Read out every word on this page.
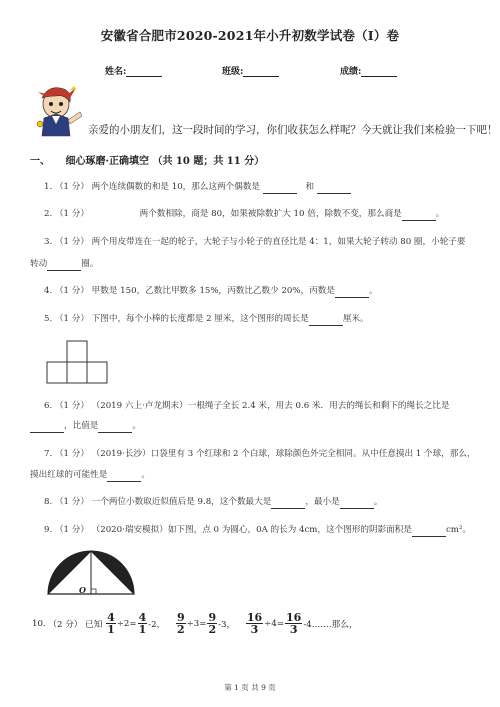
安徽省合肥市2020-2021年小升初数学试卷（I）卷
姓名:	班级:	成绩:
亲爱的小朋友们，这一段时间的学习，你们收获怎么样呢？今天就让我们来检验一下吧！
一、 细心琢磨·正确填空 （共 10 题；共 11 分）
1. （1 分） 两个连续偶数的和是 10，那么这两个偶数是	和
2. （1 分）	两个数相除，商是 80，如果被除数扩大 10 倍，除数不变，那么商是	。
3. （1 分） 两个用皮带连在一起的轮子，大轮子与小轮子的直径比是 4：1，如果大轮子转动 80 圈，小轮子要
转动	圈。
4. （1 分） 甲数是 150，乙数比甲数多 15%，丙数比乙数少 20%，丙数是	。
5. （1 分） 下图中，每个小棒的长度都是 2 厘米，这个图形的周长是	厘米。
6. （1 分） （2019 六上·卢龙期末）一根绳子全长 2.4 米，用去 0.6 米．用去的绳长和剩下的绳长之比是
，比值是	。
7. （1 分） （2019·长沙）口袋里有 3 个红球和 2 个白球，球除颜色外完全相同。从中任意摸出 1 个球，那么，
摸出红球的可能性是	。
8. （1 分） 一个两位小数取近似值后是 9.8，这个数最大是	，最小是	。
9. （1 分） （2020·瑞安模拟）如下图，点 0 为圆心，0A 的长为 4cm，这个图形的阴影面积是	cm²。
O
10. （2 分） 已知 $\frac{4}{1} \div 2= \frac{4}{1} -2$， $\frac{9}{2} \div 3= \frac{9}{2} -3$， $\frac{16}{3} \div 4= \frac{16}{3}$ -4.……那么，
第 1 页 共 9 页
